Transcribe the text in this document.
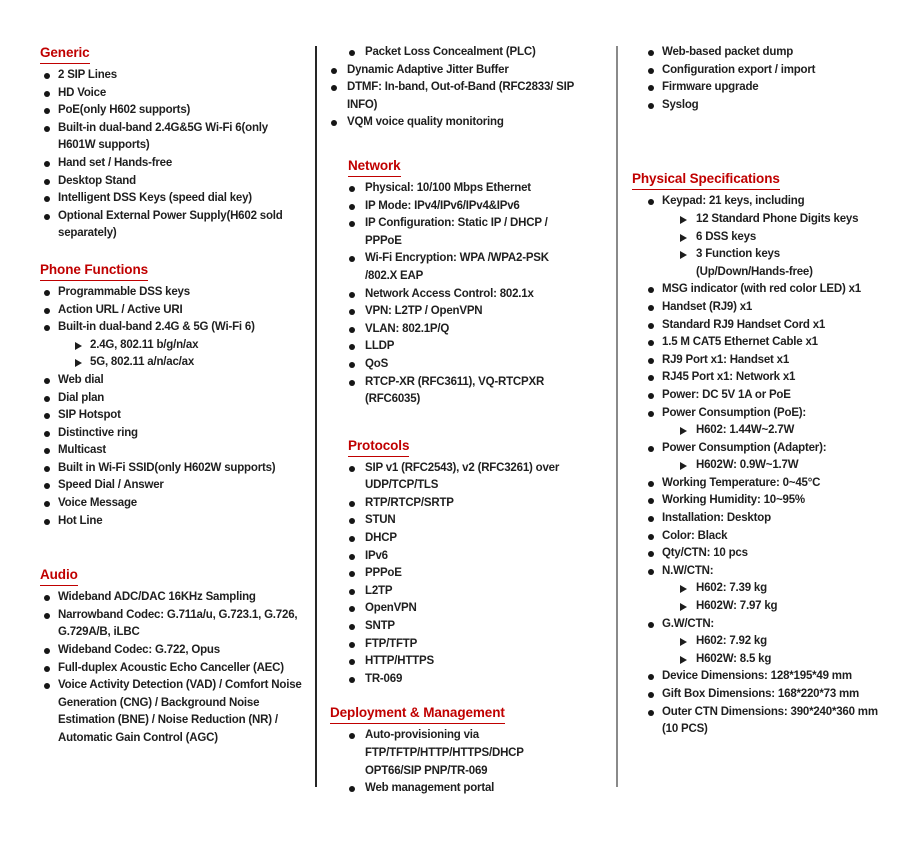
Generic
2 SIP Lines
HD Voice
PoE(only H602 supports)
Built-in dual-band 2.4G&5G Wi-Fi 6(only H601W supports)
Hand set / Hands-free
Desktop Stand
Intelligent DSS Keys (speed dial key)
Optional External Power Supply(H602 sold separately)
Phone Functions
Programmable DSS keys
Action URL / Active URI
Built-in dual-band 2.4G & 5G (Wi-Fi 6)
2.4G, 802.11 b/g/n/ax
5G, 802.11 a/n/ac/ax
Web dial
Dial plan
SIP Hotspot
Distinctive ring
Multicast
Built in Wi-Fi SSID(only H602W supports)
Speed Dial / Answer
Voice Message
Hot Line
Audio
Wideband ADC/DAC 16KHz Sampling
Narrowband Codec: G.711a/u, G.723.1, G.726, G.729A/B, iLBC
Wideband Codec: G.722, Opus
Full-duplex Acoustic Echo Canceller (AEC)
Voice Activity Detection (VAD) / Comfort Noise Generation (CNG) / Background Noise Estimation (BNE) / Noise Reduction (NR) / Automatic Gain Control (AGC)
Packet Loss Concealment (PLC)
Dynamic Adaptive Jitter Buffer
DTMF: In-band, Out-of-Band (RFC2833/ SIP INFO)
VQM voice quality monitoring
Network
Physical: 10/100 Mbps Ethernet
IP Mode: IPv4/IPv6/IPv4&IPv6
IP Configuration: Static IP / DHCP / PPPoE
Wi-Fi Encryption: WPA /WPA2-PSK /802.X EAP
Network Access Control: 802.1x
VPN: L2TP / OpenVPN
VLAN: 802.1P/Q
LLDP
QoS
RTCP-XR (RFC3611), VQ-RTCPXR (RFC6035)
Protocols
SIP v1 (RFC2543), v2 (RFC3261) over UDP/TCP/TLS
RTP/RTCP/SRTP
STUN
DHCP
IPv6
PPPoE
L2TP
OpenVPN
SNTP
FTP/TFTP
HTTP/HTTPS
TR-069
Deployment & Management
Auto-provisioning via FTP/TFTP/HTTP/HTTPS/DHCP OPT66/SIP PNP/TR-069
Web management portal
Web-based packet dump
Configuration export / import
Firmware upgrade
Syslog
Physical Specifications
Keypad: 21 keys, including
12 Standard Phone Digits keys
6 DSS keys
3 Function keys
(Up/Down/Hands-free)
MSG indicator (with red color LED) x1
Handset (RJ9) x1
Standard RJ9 Handset Cord x1
1.5 M CAT5 Ethernet Cable x1
RJ9 Port x1: Handset x1
RJ45 Port x1: Network x1
Power: DC 5V 1A or PoE
Power Consumption (PoE):
H602: 1.44W~2.7W
Power Consumption (Adapter):
H602W: 0.9W~1.7W
Working Temperature: 0~45°C
Working Humidity: 10~95%
Installation: Desktop
Color: Black
Qty/CTN: 10 pcs
N.W/CTN:
H602: 7.39 kg
H602W: 7.97 kg
G.W/CTN:
H602: 7.92 kg
H602W: 8.5 kg
Device Dimensions: 128*195*49 mm
Gift Box Dimensions: 168*220*73 mm
Outer CTN Dimensions: 390*240*360 mm (10 PCS)
